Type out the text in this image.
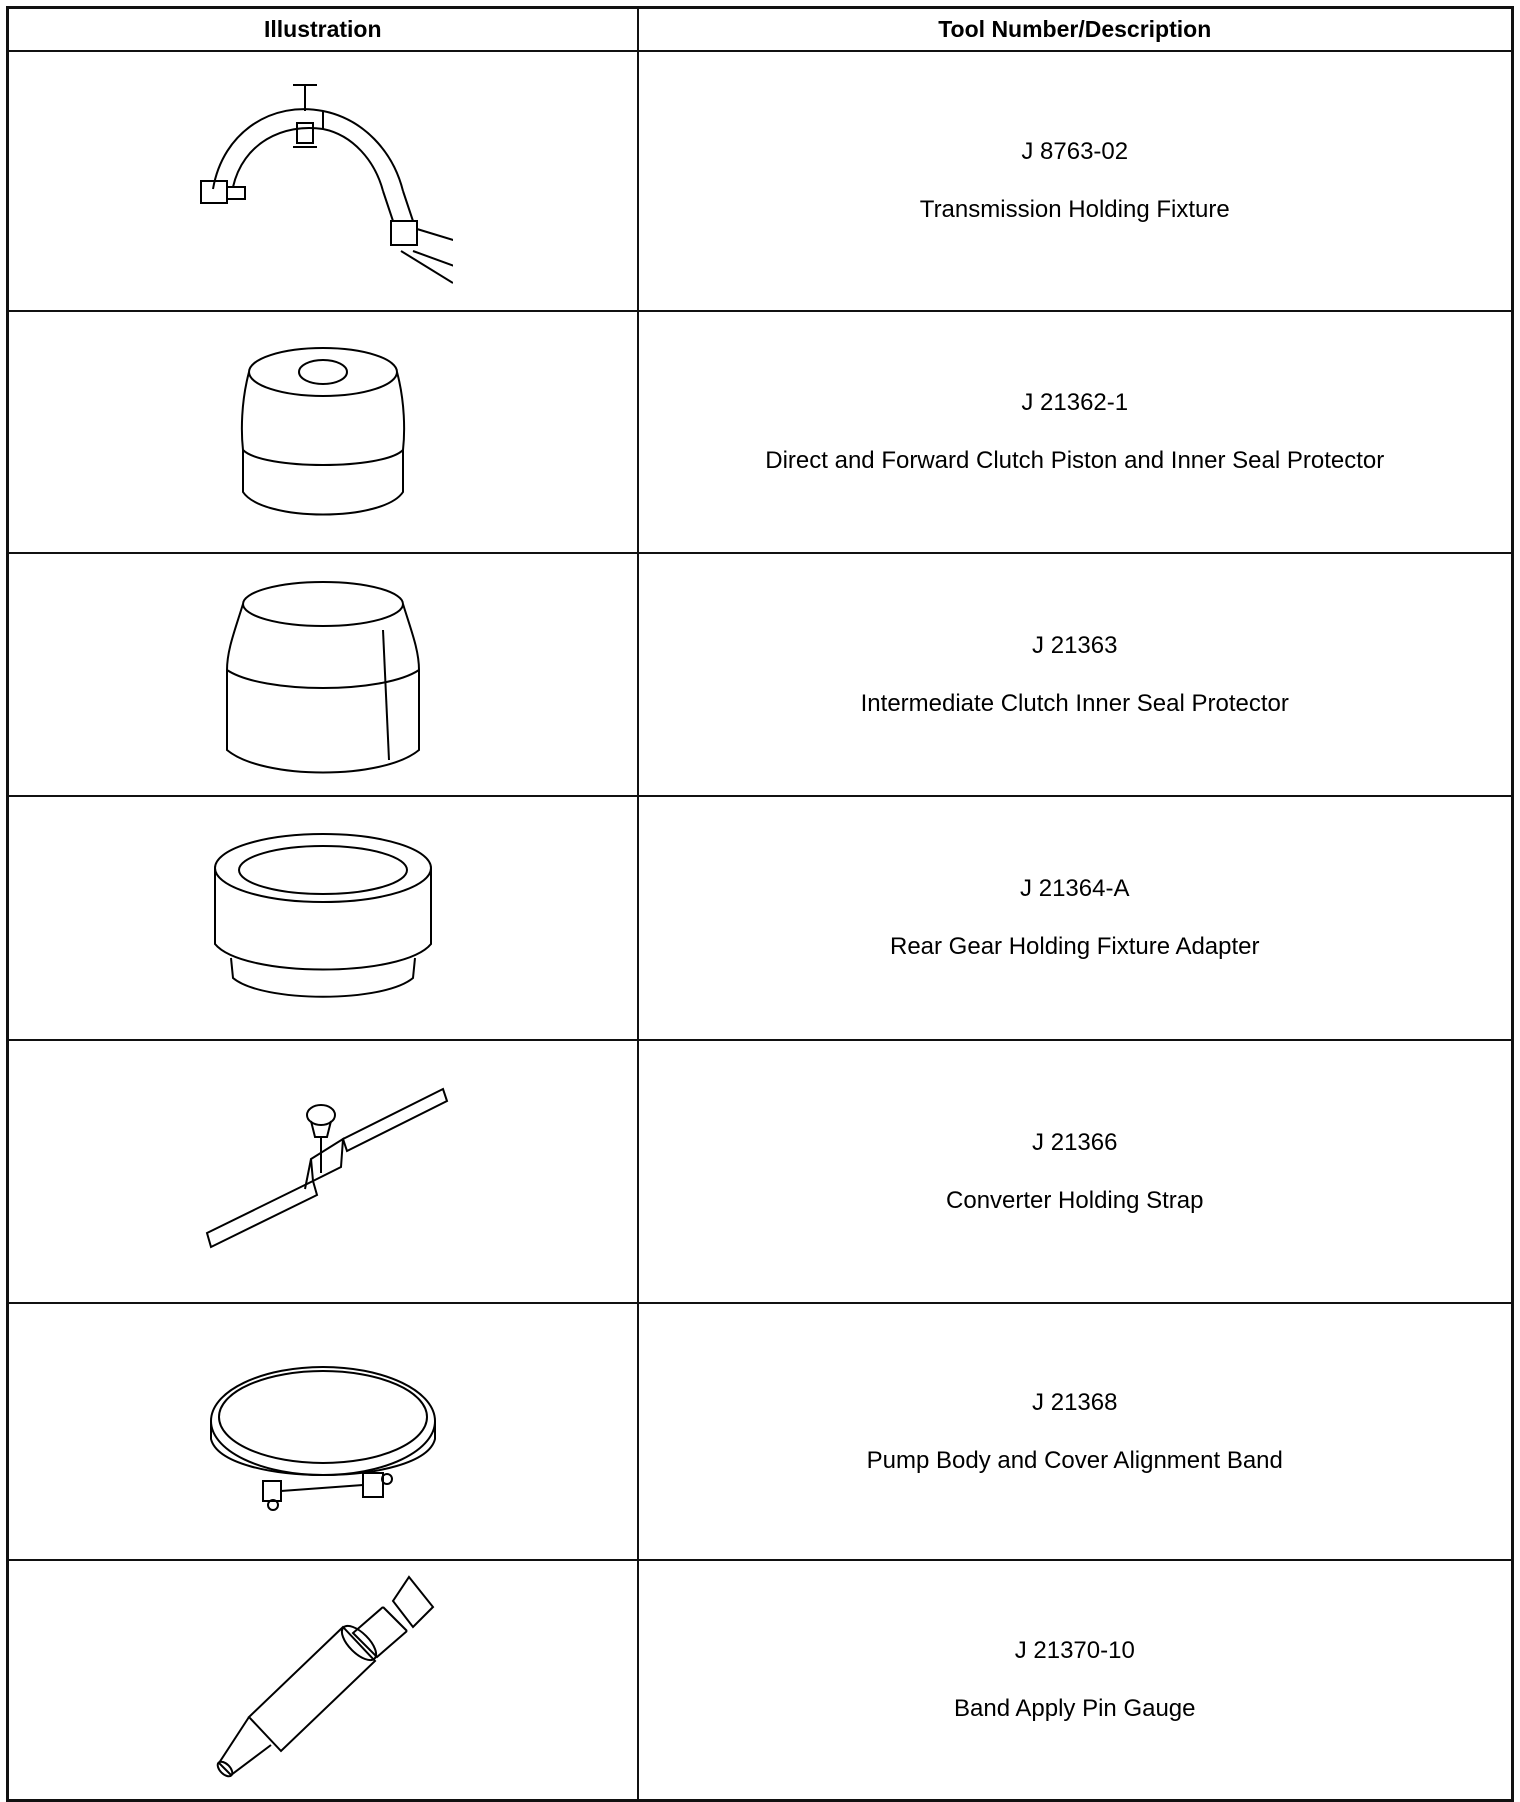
Illustration	Tool Number/Description

J 8763-02
Transmission Holding Fixture

J 21362-1
Direct and Forward Clutch Piston and Inner Seal Protector

J 21363
Intermediate Clutch Inner Seal Protector

J 21364-A
Rear Gear Holding Fixture Adapter

J 21366
Converter Holding Strap

J 21368
Pump Body and Cover Alignment Band

J 21370-10
Band Apply Pin Gauge
